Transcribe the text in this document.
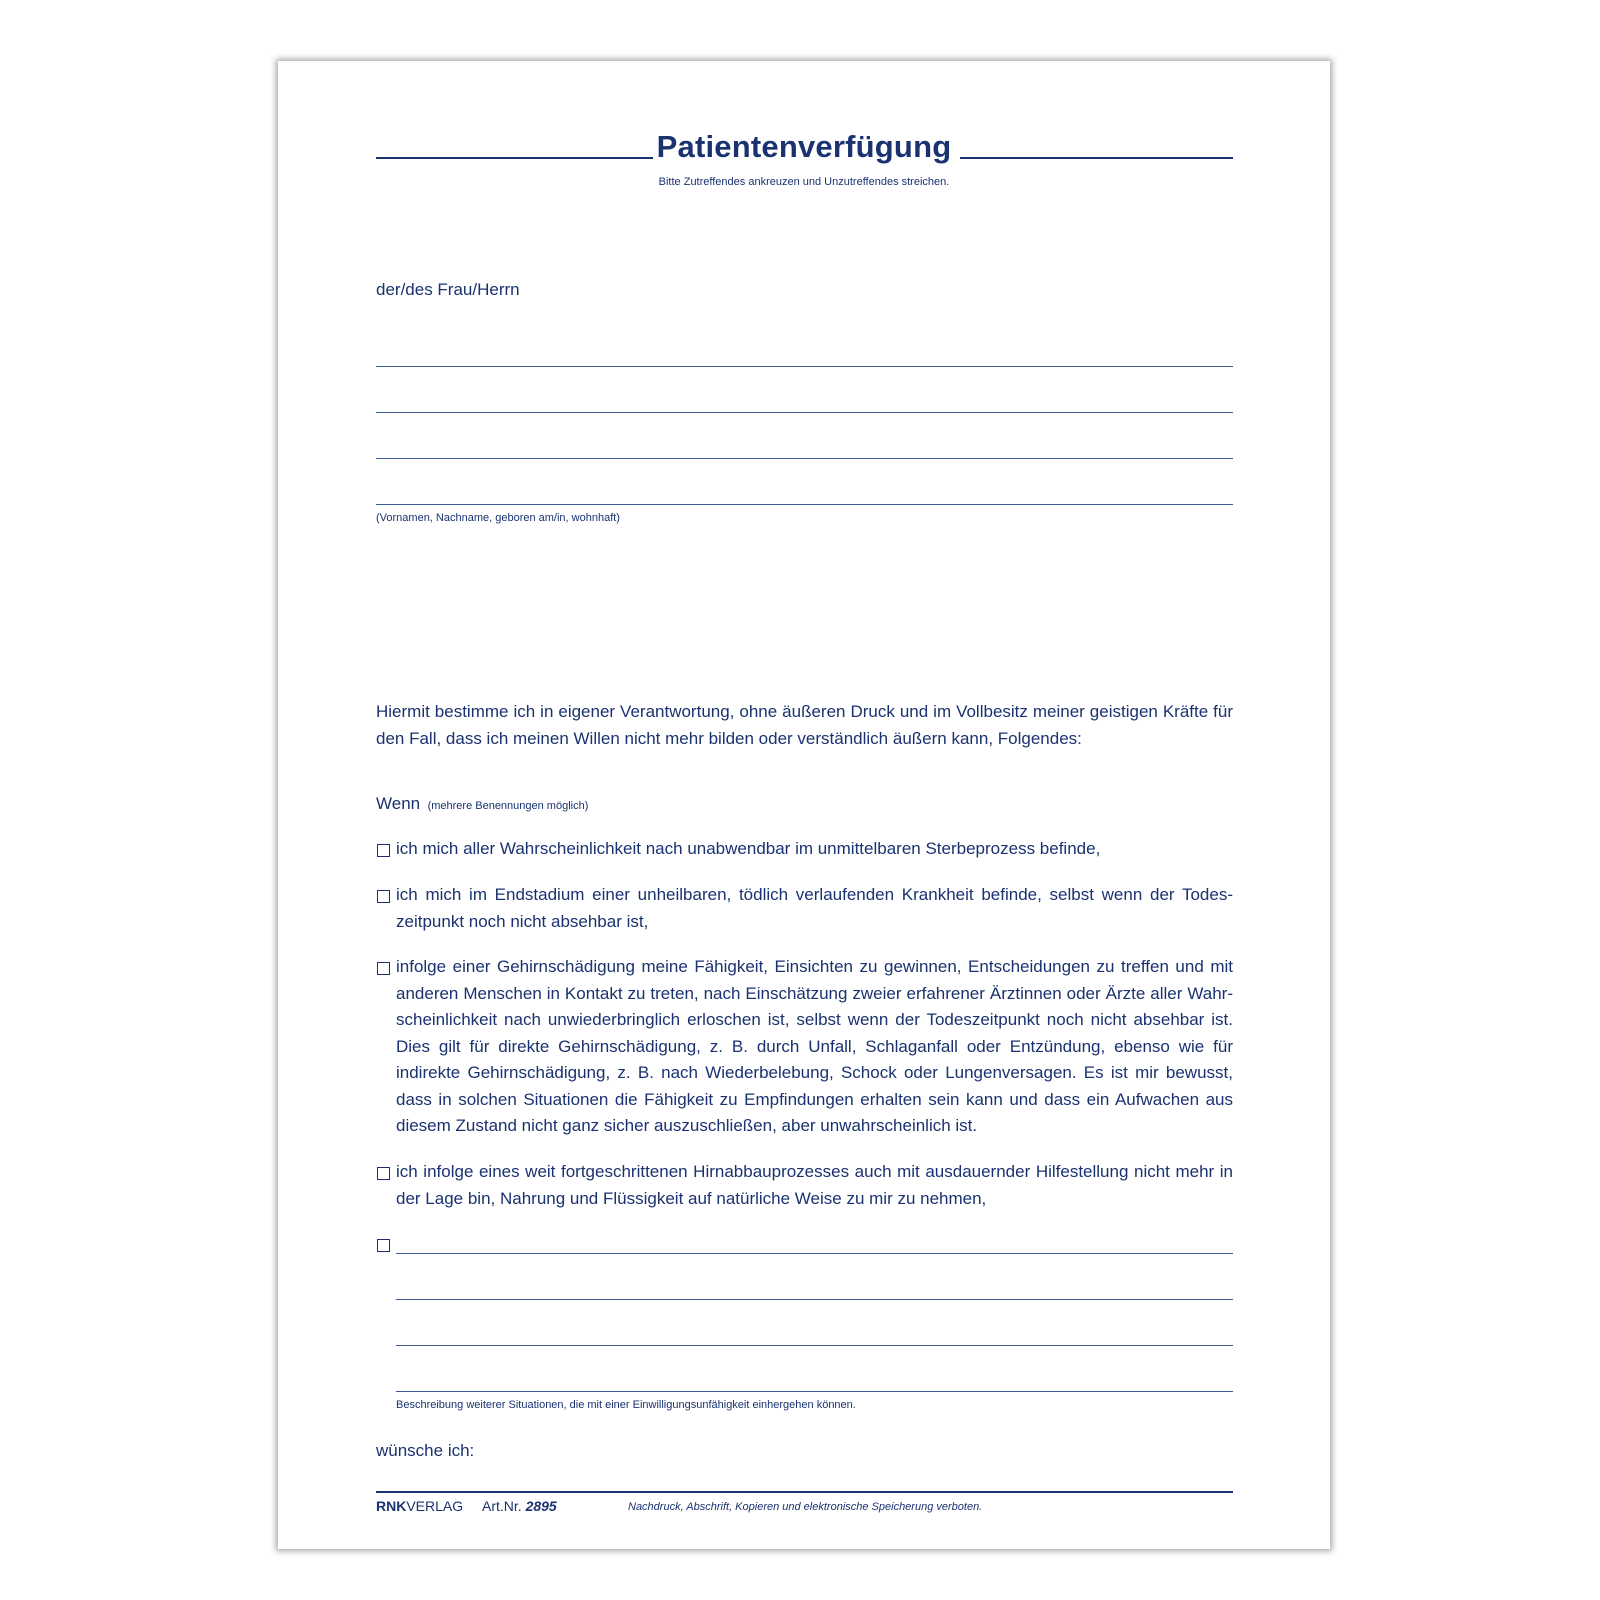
Patientenverfügung
Bitte Zutreffendes ankreuzen und Unzutreffendes streichen.
der/des Frau/Herrn
(Vornamen, Nachname, geboren am/in, wohnhaft)
Hiermit bestimme ich in eigener Verantwortung, ohne äußeren Druck und im Vollbesitz meiner geistigen Kräfte für den Fall, dass ich meinen Willen nicht mehr bilden oder verständlich äußern kann, Folgendes:
Wenn (mehrere Benennungen möglich)
ich mich aller Wahrscheinlichkeit nach unabwendbar im unmittelbaren Sterbeprozess befinde,
ich mich im Endstadium einer unheilbaren, tödlich verlaufenden Krankheit befinde, selbst wenn der Todeszeitpunkt noch nicht absehbar ist,
infolge einer Gehirnschädigung meine Fähigkeit, Einsichten zu gewinnen, Entscheidungen zu treffen und mit anderen Menschen in Kontakt zu treten, nach Einschätzung zweier erfahrener Ärztinnen oder Ärzte aller Wahrscheinlichkeit nach unwiederbringlich erloschen ist, selbst wenn der Todeszeitpunkt noch nicht absehbar ist. Dies gilt für direkte Gehirnschädigung, z. B. durch Unfall, Schlaganfall oder Entzündung, ebenso wie für indirekte Gehirnschädigung, z. B. nach Wiederbelebung, Schock oder Lungenversagen. Es ist mir bewusst, dass in solchen Situationen die Fähigkeit zu Empfindungen erhalten sein kann und dass ein Aufwachen aus diesem Zustand nicht ganz sicher auszuschließen, aber unwahrscheinlich ist.
ich infolge eines weit fortgeschrittenen Hirnabbauprozesses auch mit ausdauernder Hilfestellung nicht mehr in der Lage bin, Nahrung und Flüssigkeit auf natürliche Weise zu mir zu nehmen,
Beschreibung weiterer Situationen, die mit einer Einwilligungsunfähigkeit einhergehen können.
wünsche ich:
RNKVERLAG Art.Nr. 2895	Nachdruck, Abschrift, Kopieren und elektronische Speicherung verboten.
